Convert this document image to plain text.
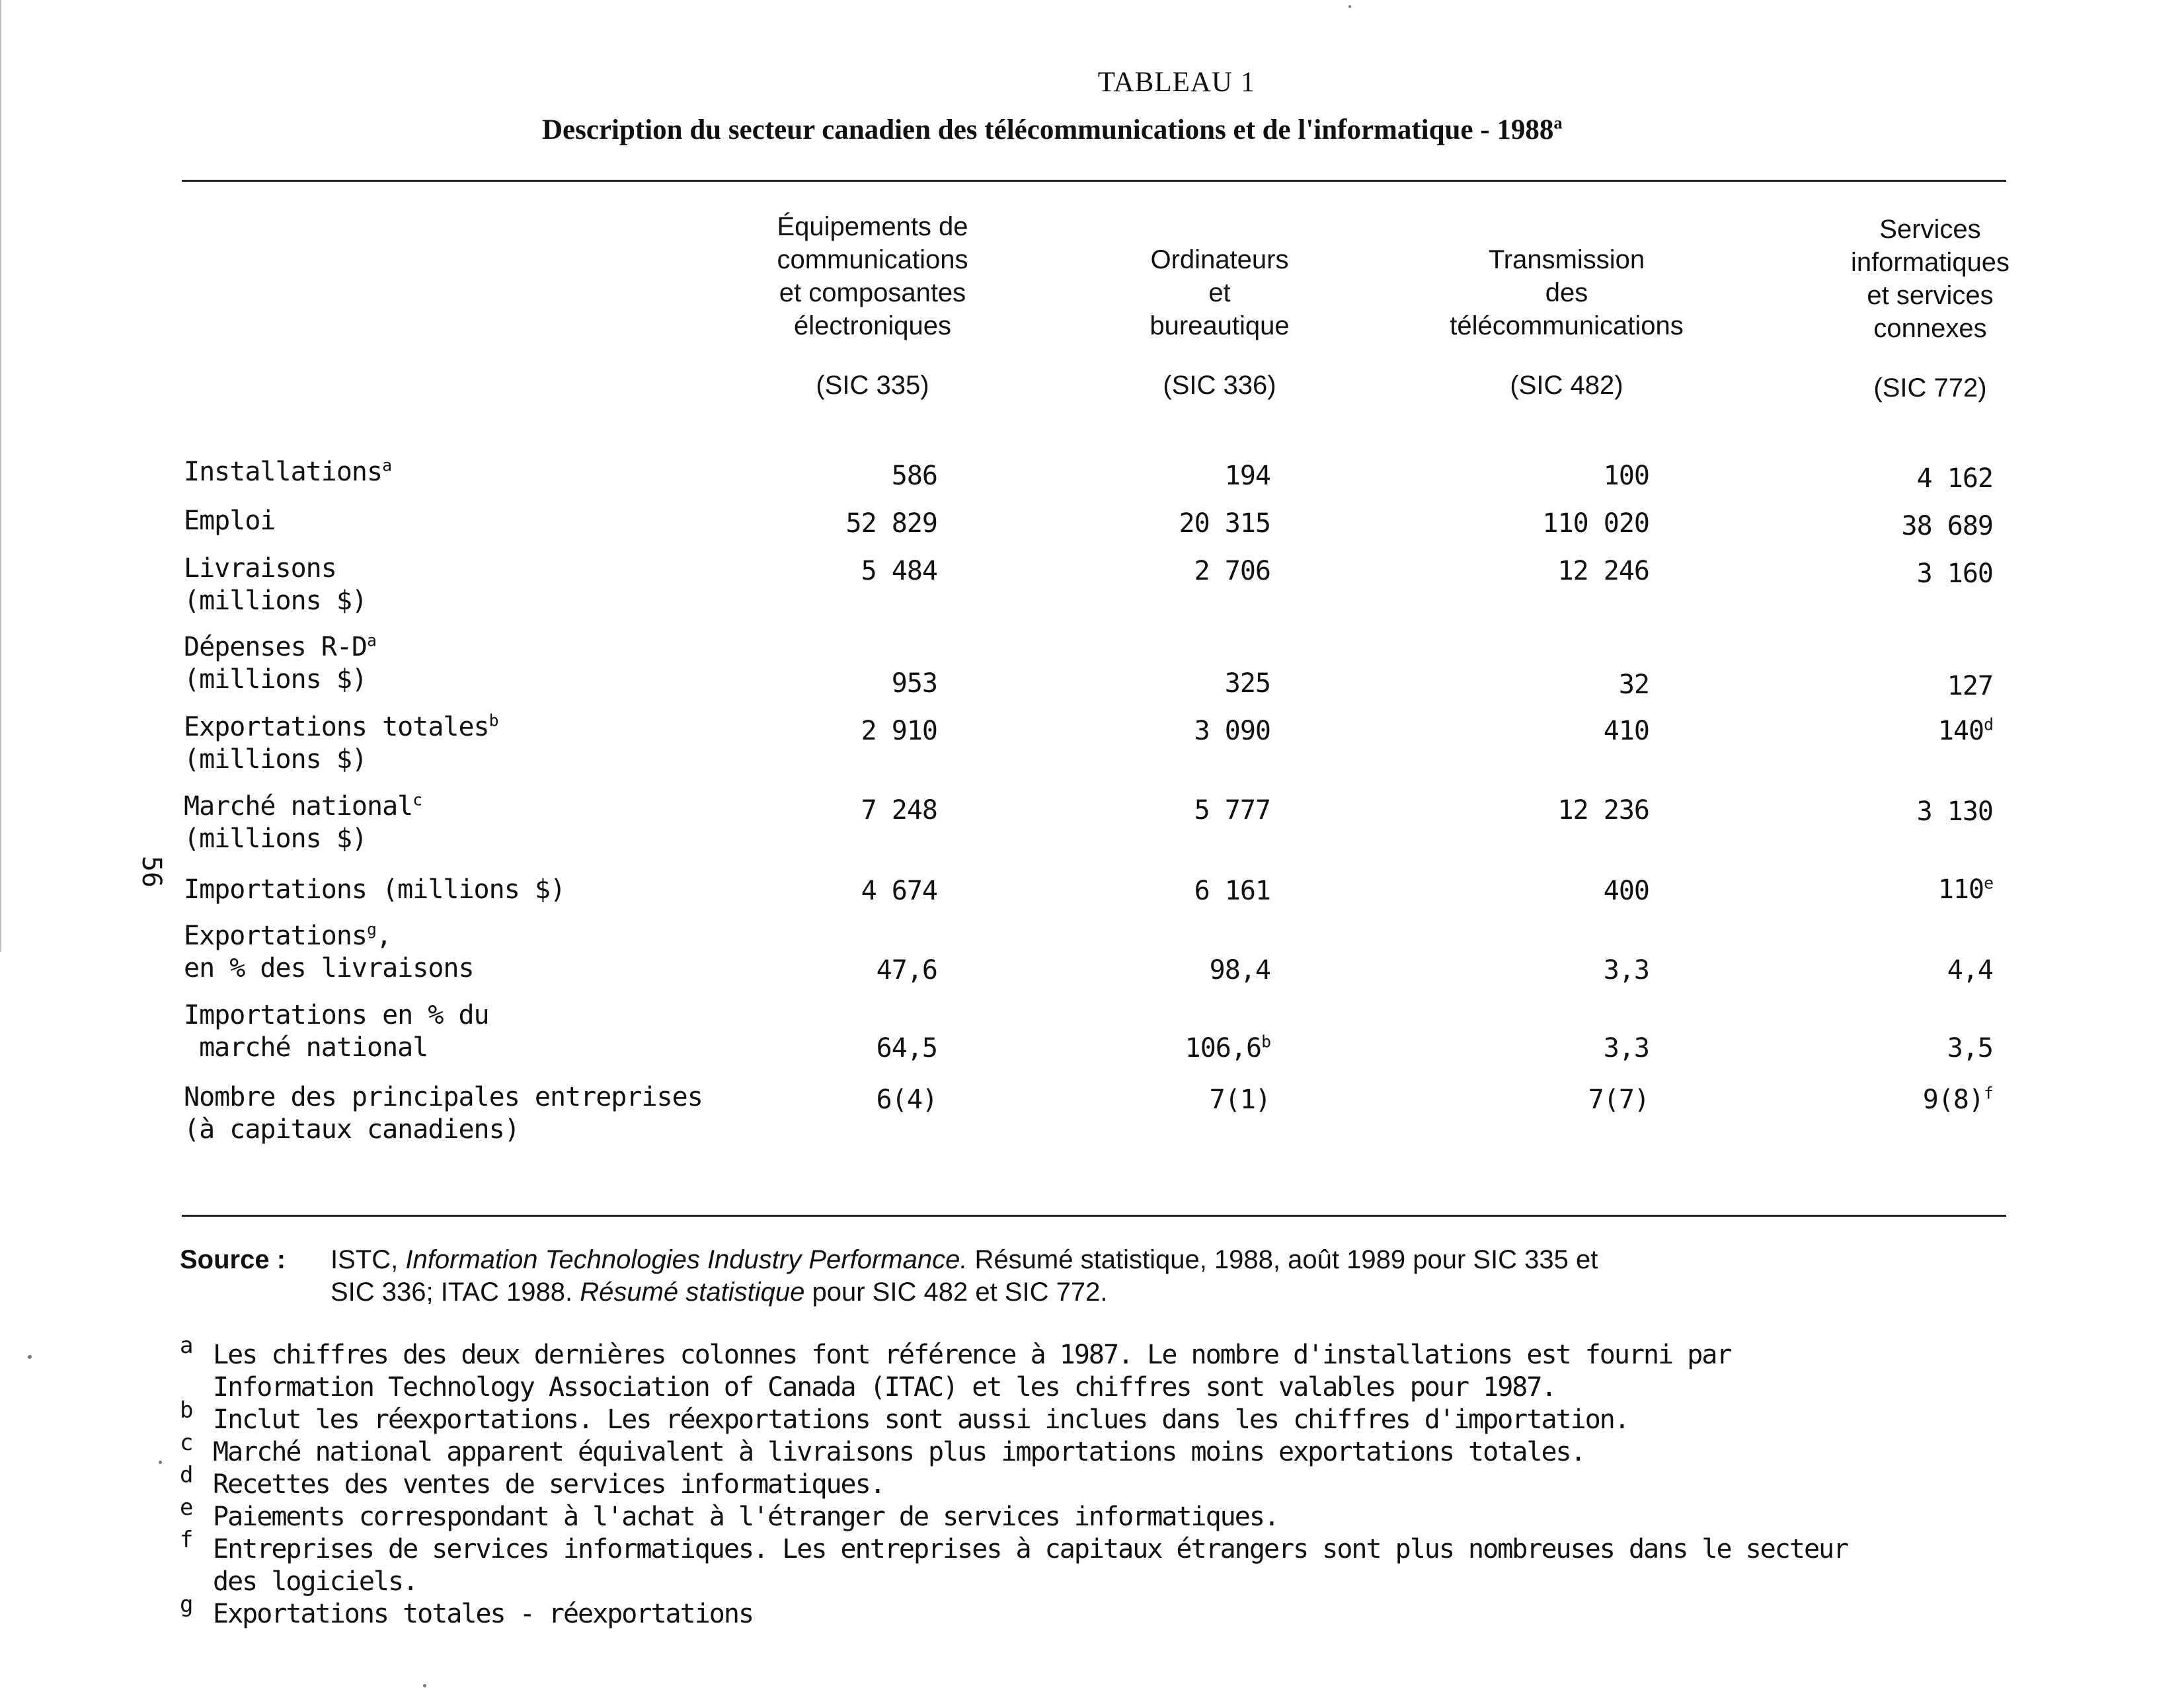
TABLEAU 1
Description du secteur canadien des télécommunications et de l'informatique - 1988$^a$
Équipements de
communications
et composantes
électroniques
(SIC 335)
Ordinateurs
et
bureautique
(SIC 336)
Transmission
des
télécommunications
(SIC 482)
Services
informatiques
et services
connexes
(SIC 772)
Installations$^a$	586	194	100	4 162
Emploi	52 829	20 315	110 020	38 689
Livraisons
(millions $)
5 484	2 706	12 246	3 160
Dépenses $R-D^a$
(millions $)	953	325	32	127
Exportations totales$^b$
(millions $)
2 910	3 090	410	140$^d$
Marché national$^c$
(millions $)
7 248	5 777	12 236	3 130
Importations (millions $)	4 674	6 161	400	110e
Exportations$^g$,
en % des livraisons	47,6	98,4	3,3	4,4
Importations en % du
marché national	64,5	106,6$^b$	3,3	3,5
Nombre des principales entreprises
(à capitaux canadiens)
6(4)	7(1)	7(7)	$9(8)^f$
56
Source : ISTC, Information Technologies Industry Performance. Résumé statistique, 1988, août 1989 pour SIC 335 et
SIC 336; ITAC 1988. Résumé statistique pour SIC 482 et SIC 772.
a Les chiffres des deux dernières colonnes font référence à 1987. Le nombre d'installations est fourni par
Information Technology Association of Canada (ITAC) et les chiffres sont valables pour 1987.
b Inclut les réexportations. Les réexportations sont aussi inclues dans les chiffres d'importation.
c Marché national apparent équivalent à livraisons plus importations moins exportations totales.
d Recettes des ventes de services informatiques.
e Paiements correspondant à l'achat à l'étranger de services informatiques.
f Entreprises de services informatiques. Les entreprises à capitaux étrangers sont plus nombreuses dans le secteur
des logiciels.
g Exportations totales - réexportations
